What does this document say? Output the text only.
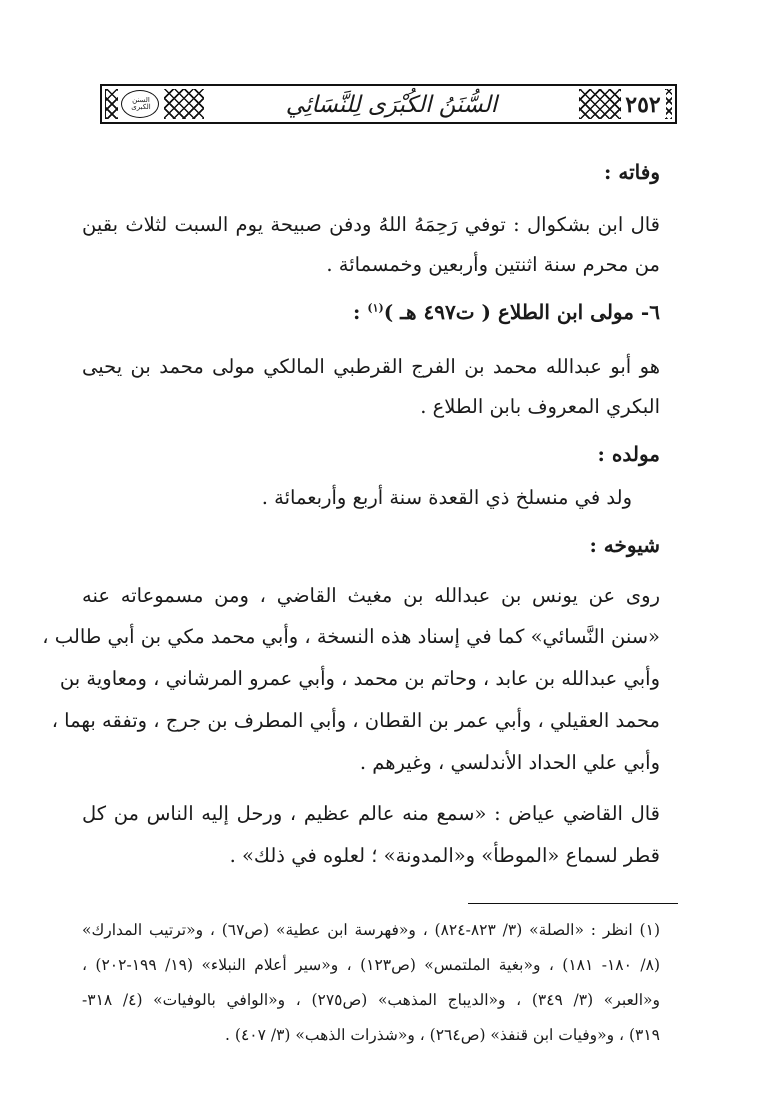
٢٥٢
السُّنَنُ الكُبْرَى لِلنَّسَائِي
السنن الكبرى

وفاته :

قال ابن بشكوال : توفي رَحِمَهُ اللهُ ودفن صبيحة يوم السبت لثلاث بقين

من محرم سنة اثنتين وأربعين وخمسمائة .

٦- مولى ابن الطلاع ( ت٤٩٧ هـ )$^{(١)}$ :

هو أبو عبدالله محمد بن الفرج القرطبي المالكي مولى محمد بن يحيى

البكري المعروف بابن الطلاع .

مولده :

ولد في منسلخ ذي القعدة سنة أربع وأربعمائة .

شيوخه :

روى عن يونس بن عبدالله بن مغيث القاضي ، ومن مسموعاته عنه

«سنن النَّسائي» كما في إسناد هذه النسخة ، وأبي محمد مكي بن أبي طالب ،

وأبي عبدالله بن عابد ، وحاتم بن محمد ، وأبي عمرو المرشاني ، ومعاوية بن

محمد العقيلي ، وأبي عمر بن القطان ، وأبي المطرف بن جرج ، وتفقه بهما ،

وأبي علي الحداد الأندلسي ، وغيرهم .

قال القاضي عياض : «سمع منه عالم عظيم ، ورحل إليه الناس من كل

قطر لسماع «الموطأ» و«المدونة» ؛ لعلوه في ذلك» .

(١) انظر : «الصلة» (٣/ ٨٢٣-٨٢٤) ، و«فهرسة ابن عطية» (ص٦٧) ، و«ترتيب المدارك»

(٨/ ١٨٠- ١٨١) ، و«بغية الملتمس» (ص١٢٣) ، و«سير أعلام النبلاء» (١٩/ ١٩٩-٢٠٢) ،

و«العبر» (٣/ ٣٤٩) ، و«الديباج المذهب» (ص٢٧٥) ، و«الوافي بالوفيات» (٤/ ٣١٨-

٣١٩) ، و«وفيات ابن قنفذ» (ص٢٦٤) ، و«شذرات الذهب» (٣/ ٤٠٧) .
